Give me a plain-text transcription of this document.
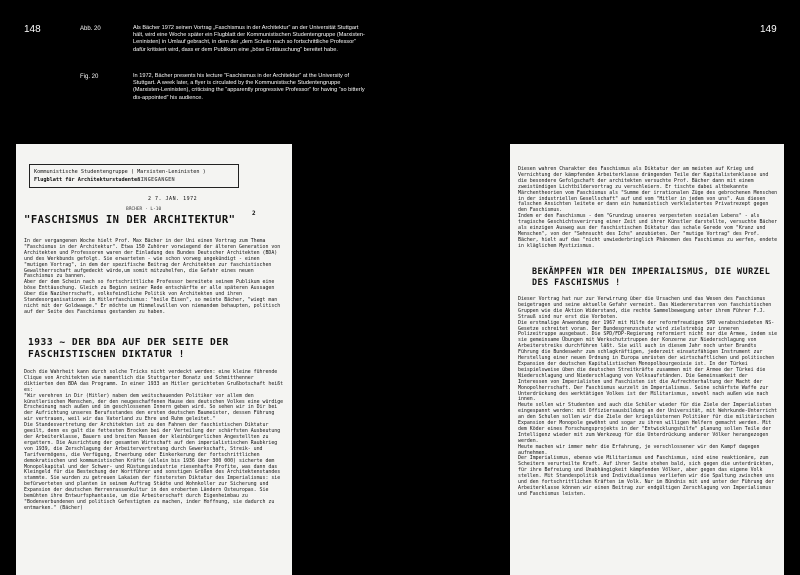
148	149
Abb. 20	Als Bächer 1972 seinen Vortrag „Faschismus in der Architektur“ an der Universität Stuttgart hält, wird eine Woche später ein Flugblatt der Kommunistischen Studentengruppe (Marxisten-Leninisten) in Umlauf gebracht, in dem der „dem Schein nach so fortschrittliche Professor“ dafür kritisiert wird, dass er dem Publikum eine „böse Enttäuschung“ bereitet habe.
Fig. 20	In 1972, Bächer presents his lecture “Faschismus in der Architektur” at the University of Stuttgart. A week later, a flyer is circulated by the Kommunistische Studentengruppe (Marxisten-Leninisten), criticising the “apparently progressive Professor” for having “so bitterly dis-appointed” his audience.
Kommunistische Studentengruppe ( Marxisten-Leninisten )
Flugblatt für Architekturstudenten EINGEGANGEN
2 7. JAN. 1972
BÄCHER · L-10
"FASCHISMUS IN DER ARCHITEKTUR"
2
In der vergangenen Woche hielt Prof. Max Bächer in der Uni einen Vortrag zum Thema "Faschismus in der Architektur". Etwa 150 Zuhörer vorwiegend der älteren Generation von Architekten und Professoren waren der Einladung des Bundes Deutscher Architekten (BDA) und des Werkbunds gefolgt. Sie erwarteten - wie schon vorweg angekündigt - einen "mutigen Vortrag", in dem der spezifische Beitrag der Architekten zur faschistischen Gewaltherrschaft aufgedeckt würde,um somit mitzuhelfen, die Gefahr eines neuen Faschismus zu bannen.
Aber der dem Schein nach so fortschrittliche Professor bereitete seinem Publikum eine böse Enttäuschung. Gleich zu Beginn seiner Rede entschärfte er alle späteren Aussagen über die Naziherrschaft, volksfeindliche Politik von Architekten und ihren Standesorganisationen im Hitlerfaschismus: "heile Eisen", so meinte Bächer, "wiegt man nicht mit der Goldwaage." Er möchte um Himmelswillen von niemandem behaupten, politisch auf der Seite des Faschismus gestanden zu haben.
1933 ~ DER BDA AUF DER SEITE DER FASCHISTISCHEN DIKTATUR !
Doch die Wahrheit kann durch solche Tricks nicht verdeckt werden: eine kleine führende Clique von Architekten wie namentlich die Stuttgarter Bonatz und Schmitthenner diktierten den BDA das Programm. In einer 1933 an Hitler gerichteten Grußbotschaft heißt es:
"Wir verehren in Dir (Hitler) naben dem weitschauenden Politiker vor allem den künstlerischen Menschen, der den neugeschaffenen Hause des deutschen Volkes eine würdige Erscheinung nach außen und im geschlossenen Innern geben wird. So sehen wir in Dir bei der Aufrichtung unseres Berufsstandes den ersten deutschen Baumeister, dessen Führung wir vertrauen, weil wir das Vaterland zu Ehre und Ruhm geleitet."
Die Standesvertretung der Architekten ist zu den Fahnen der faschistischen Diktatur geeilt, denn es galt die fettesten Brocken bei der Verteilung der schärfsten Ausbeutung der Arbeiterklasse, Bauern und breiten Massen der kleinbürgerlichen Angestellten zu ergattern. Die Ausrichtung der gesamten Wirtschaft auf den imperialistischen Raubkrieg von 1939, die Zerschlagung der Arbeitervertretung durch Gewerkschaft, Streik- und Tarifvermögens, die Verfügung, Erwerbung oder Einkerkerung der fortschrittlichen demokratischen und kommunistischen Kräfte (allein bis 1936 über 300 000) sicherte dem Monopolkapital und der Schwer- und Rüstungsindustrie riesenhafte Profite, was dann das Kleingeld für die Bestechung der Wortführer und sonstigen Größen des Architektenstandes stammte. Sie wurden zu getreuen Lakaien der finstersten Diktatur des Imperialismus: sie befürworteten und planten in seinem Auftrag Städte und Wohnkoller zur Sicherung und Expansion der deutschen Herrenrassenkultur in den eroberten Ländern Osteuropas. Sie bemühten ihre Entwurfsphantasie, um die Arbeiterschaft durch Eigenheimbau zu "Bodenverbundenen und politisch Gefestigten zu machen, inder Hoffnung, sie dadurch zu entmarken." (Bächer)
Diesen wahren Charakter des Faschismus als Diktatur der am meisten auf Krieg und Vernichtung der kämpfenden Arbeiterklasse drängenden Teile der Kapitalistenklasse und die besondere Gefolgschaft der architekten versuchte Prof. Bächer dann mit einem zweistündigen Lichtbildervortrag zu verschleiern. Er tischte dabei altbekannte Märchentheorien vom Faschismus als "Summe der irrationalen Züge des gebrochenen Menschen in der industriellen Gesellschaft" auf und vom "Hitler in jedem von uns". Aus diesen falschen Ansichten leitete er dann ein humanistisch verkleistertes Privatrezept gegen den Faschismus.
Indem er den Faschismus - dem "Grundzug unseres verpesteten sozialen Lebens" - als tragische Geschichtsverirrung einer Zeit und ihrer Künstler darstellte, versuchte Bächer als einzigen Ausweg aus der faschistischen Diktatur das schale Gerede vom "Kranz und Menschen", von der "Sehnsucht des Ichs" anzubieten. Der "mutige Vortrag" des Prof. Bächer, hielt auf das "nicht unwiederbringlich Phänomen des Faschismus zu werfen, endete in kläglichem Mystizismus.
BEKÄMPFEN WIR DEN IMPERIALISMUS, DIE WURZEL DES FASCHISMUS !
Dieser Vortrag hat nur zur Verwirrung über die Ursachen und das Wesen des Faschismus beigetragen und seine aktuelle Gefahr verneint. Das Wiedererstarren von faschistischen Gruppen wie die Aktion Widerstand, die rechte Sammelbewegung unter ihrem Führer F.J. Strauß sind nur erst die Vorboten.
Die erstmalige Anwendung der 1967 mit Hilfe der reformfreudigen SPD verabschiedeten NS-Gesetze schreitet voran. Der Bundesgrenzschutz wird zielstrebig zur inneren Polizeitruppe ausgebaut. Die SPD/FDP-Regierung reformiert nicht nur die Armee, indem sie sie gemeinsame Übungen mit Werkschutztruppen der Konzerne zur Niederschlagung von Arbeiterstreiks durchführen läßt. Sie will auch in diesem Jahr noch unter Brandts Führung die Bundeswehr zum schlagkräftigen, jederzeit einsatzfähigen Instrument zur Herstellung einer neuen Ordnung in Europa umrüsten der wirtschaftlichen und politischen Expansion der deutschen Kapitalistischen Monopolbourgeoisie ist. In der Türkei beispielsweise üben die deutschen Streitkräfte zusammen mit der Armee der Türkei die Niederschlagung und Niederschlagung von Volksaufständen. Die Gemeinsamkeit der Interessen von Imperialisten und Faschisten ist die Aufrechterhaltung der Macht der Monopolherrschaft. Der Faschismus wurzelt im Imperialismus. Seine schärfste Waffe zur Unterdrückung des werktätigen Volkes ist der Militarismus, sowohl nach außen wie nach innen.
Heute sollen wir Studenten und auch die Schüler wieder für die Ziele der Imperialisten eingespannt werden: mit Offiziersausbildung an der Universität, mit Wehrkunde-Unterricht an den Schulen sollen wir die Ziele der kriegslüsternen Politiker für die militärischen Expansion der Monopole gewöhnt und sogar zu ihren willigen Helfern gemacht werden. Mit dem Köder eines Forschungsprojekts in der "Entwicklungshilfe" planung sollen Teile der Intelligenz wieder mit zum Werkzeug für die Unterdrückung anderer Völker herangezogen werden.
Heute machen wir immer mehr die Erfahrung, je verschlossener wir den Kampf dagegen aufnehmen.
Der Imperialismus, ebenso wie Militarismus und Faschismus, sind eine reaktionäre, zum Scheitern verurteilte Kraft. Auf ihrer Seite stehen bald, sich gegen die unterdrückten, für ihre Befreiung und Unabhängigkeit kämpfenden Völker, aber gegen das eigene Volk stellen. Mit Standespolitik und Individualismus verliefen wir die Spaltung zwischen uns und den fortschrittlichen Kräften im Volk. Nur im Bündnis mit und unter der Führung der Arbeiterklasse können wir einen Beitrag zur endgültigen Zerschlagung von Imperialismus und Faschismus leisten.
